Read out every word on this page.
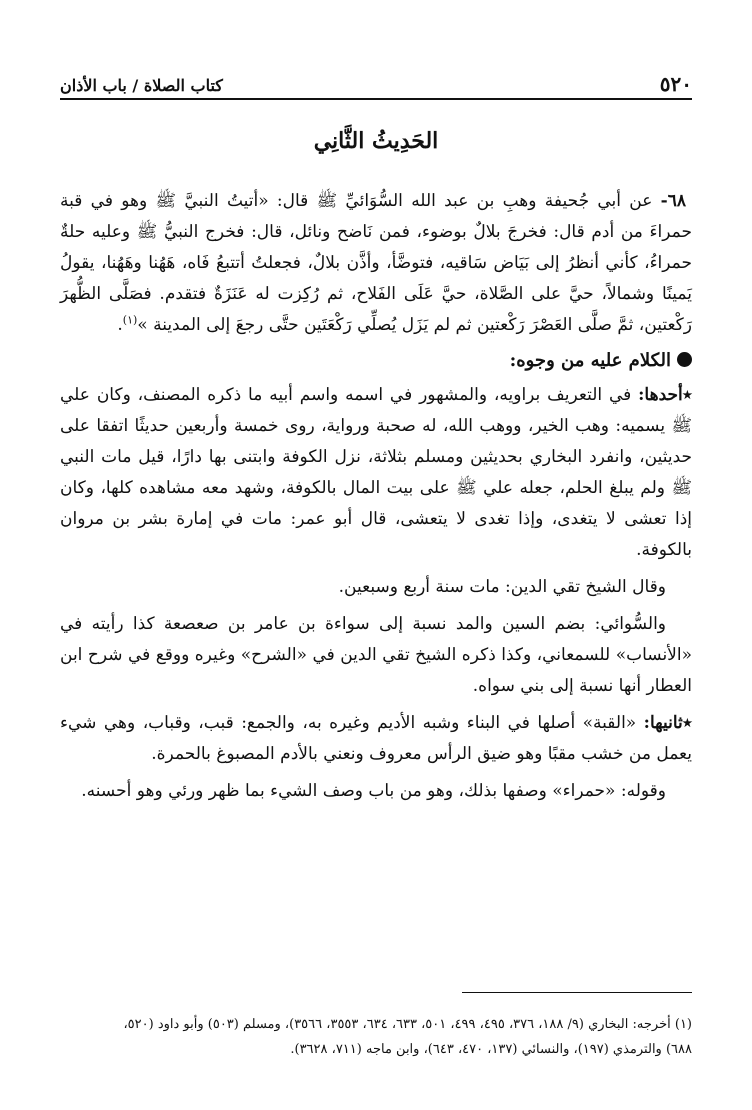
٥٢٠
كتاب الصلاة / باب الأذان
الحَدِيثُ الثَّانِي

٦٨- عن أبي جُحيفة وهبِ بن عبد الله السُّوَائيِّ ﷺ قال: «أتيتُ النبيَّ ﷺ وهو في قبة حمراءَ من أدم قال: فخرجَ بلالٌ بوضوء، فمن نَاضح ونائل، قال: فخرج النبيُّ ﷺ وعليه حلةٌ حمراءُ، كأني أنظرُ إلى بَيَاض سَاقيه، فتوضَّأ، وأذَّن بلالٌ، فجعلتُ أتتبعُ فَاه، هَهُنا وهَهُنا، يقولُ يَمينًا وشمالاً، حيَّ على الصَّلاة، حيَّ عَلَى الفَلاح، ثم رُكِزت له عَنَزَةٌ فتقدم. فصَلَّى الظُّهرَ رَكْعتين، ثمَّ صلَّى العَصْرَ رَكْعتين ثم لم يَزَل يُصلِّي رَكْعَتَين حتَّى رجعَ إلى المدينة »$^{(١)}$.

الكلام عليه من وجوه:

٭أحدها: في التعريف براويه، والمشهور في اسمه واسم أبيه ما ذكره المصنف، وكان علي ﷺ يسميه: وهب الخير، ووهب الله، له صحبة ورواية، روى خمسة وأربعين حديثًا اتفقا على حديثين، وانفرد البخاري بحديثين ومسلم بثلاثة، نزل الكوفة وابتنى بها دارًا، قيل مات النبي ﷺ ولم يبلغ الحلم، جعله علي ﷺ على بيت المال بالكوفة، وشهد معه مشاهده كلها، وكان إذا تعشى لا يتغدى، وإذا تغدى لا يتعشى، قال أبو عمر: مات في إمارة بشر بن مروان بالكوفة.

وقال الشيخ تقي الدين: مات سنة أربع وسبعين.

والسُّوائي: بضم السين والمد نسبة إلى سواءة بن عامر بن صعصعة كذا رأيته في «الأنساب» للسمعاني، وكذا ذكره الشيخ تقي الدين في «الشرح» وغيره ووقع في شرح ابن العطار أنها نسبة إلى بني سواه.

٭ثانيها: «القبة» أصلها في البناء وشبه الأديم وغيره به، والجمع: قبب، وقباب، وهي شيء يعمل من خشب مقبًا وهو ضيق الرأس معروف ونعني بالأدم المصبوغ بالحمرة.

وقوله: «حمراء» وصفها بذلك، وهو من باب وصف الشيء بما ظهر ورئي وهو أحسنه.

(١) أخرجه: البخاري (٩/ ١٨٨، ٣٧٦، ٤٩٥، ٤٩٩، ٥٠١، ٦٣٣، ٦٣٤، ٣٥٥٣، ٣٥٦٦)، ومسلم (٥٠٣) وأبو داود (٥٢٠،

٦٨٨) والترمذي (١٩٧)، والنسائي (١٣٧، ٤٧٠، ٦٤٣)، وابن ماجه (٧١١، ٣٦٢٨).
